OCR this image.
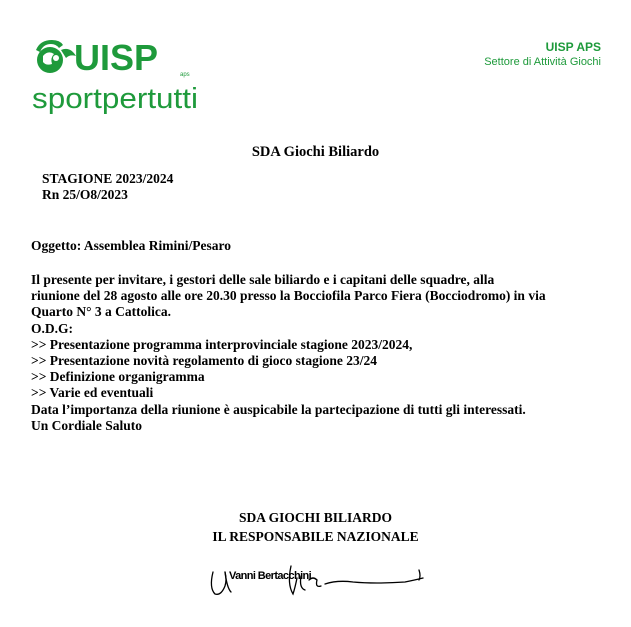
UISP	aps
sportpertutti
UISP APS
Settore di Attività Giochi
SDA Giochi Biliardo
STAGIONE 2023/2024
Rn 25/O8/2023
Oggetto: Assemblea Rimini/Pesaro

Il presente per invitare, i gestori delle sale biliardo e i capitani delle squadre, alla

riunione del 28 agosto alle ore 20.30 presso la Bocciofila Parco Fiera (Bocciodromo) in via

Quarto N° 3 a Cattolica.

O.D.G:

>> Presentazione programma interprovinciale stagione 2023/2024,

>> Presentazione novità regolamento di gioco stagione 23/24

>> Definizione organigramma

>> Varie ed eventuali

Data l’importanza della riunione è auspicabile la partecipazione di tutti gli interessati.

Un Cordiale Saluto

SDA GIOCHI BILIARDO
IL RESPONSABILE NAZIONALE
Vanni Bertacchini
